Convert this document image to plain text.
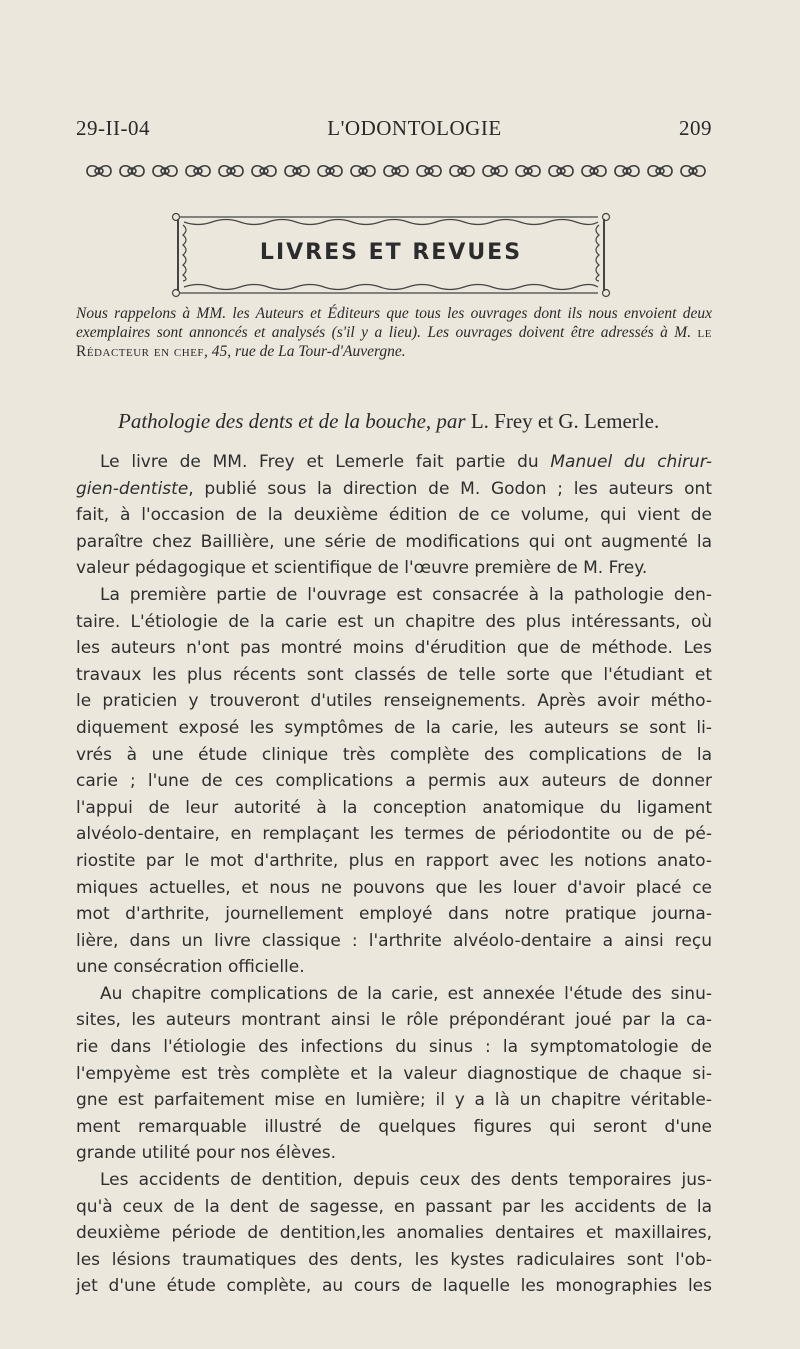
29-II-04	L'ODONTOLOGIE	209
LIVRES ET REVUES
Nous rappelons à MM. les Auteurs et Éditeurs que tous les ouvrages dont ils nous envoient deux exemplaires sont annoncés et analysés (s'il y a lieu). Les ouvrages doivent être adressés à M. le Rédacteur en chef, 45, rue de La Tour-d'Auvergne.
Pathologie des dents et de la bouche, par L. Frey et G. Lemerle.
Le livre de MM. Frey et Lemerle fait partie du Manuel du chirur-
gien-dentiste, publié sous la direction de M. Godon ; les auteurs ont
fait, à l'occasion de la deuxième édition de ce volume, qui vient de
paraître chez Baillière, une série de modifications qui ont augmenté la
valeur pédagogique et scientifique de l'œuvre première de M. Frey.
La première partie de l'ouvrage est consacrée à la pathologie den-
taire. L'étiologie de la carie est un chapitre des plus intéressants, où
les auteurs n'ont pas montré moins d'érudition que de méthode. Les
travaux les plus récents sont classés de telle sorte que l'étudiant et
le praticien y trouveront d'utiles renseignements. Après avoir métho-
diquement exposé les symptômes de la carie, les auteurs se sont li-
vrés à une étude clinique très complète des complications de la
carie ; l'une de ces complications a permis aux auteurs de donner
l'appui de leur autorité à la conception anatomique du ligament
alvéolo-dentaire, en remplaçant les termes de périodontite ou de pé-
riostite par le mot d'arthrite, plus en rapport avec les notions anato-
miques actuelles, et nous ne pouvons que les louer d'avoir placé ce
mot d'arthrite, journellement employé dans notre pratique journa-
lière, dans un livre classique : l'arthrite alvéolo-dentaire a ainsi reçu
une consécration officielle.
Au chapitre complications de la carie, est annexée l'étude des sinu-
sites, les auteurs montrant ainsi le rôle prépondérant joué par la ca-
rie dans l'étiologie des infections du sinus : la symptomatologie de
l'empyème est très complète et la valeur diagnostique de chaque si-
gne est parfaitement mise en lumière; il y a là un chapitre véritable-
ment remarquable illustré de quelques figures qui seront d'une
grande utilité pour nos élèves.
Les accidents de dentition, depuis ceux des dents temporaires jus-
qu'à ceux de la dent de sagesse, en passant par les accidents de la
deuxième période de dentition,les anomalies dentaires et maxillaires,
les lésions traumatiques des dents, les kystes radiculaires sont l'ob-
jet d'une étude complète, au cours de laquelle les monographies les
